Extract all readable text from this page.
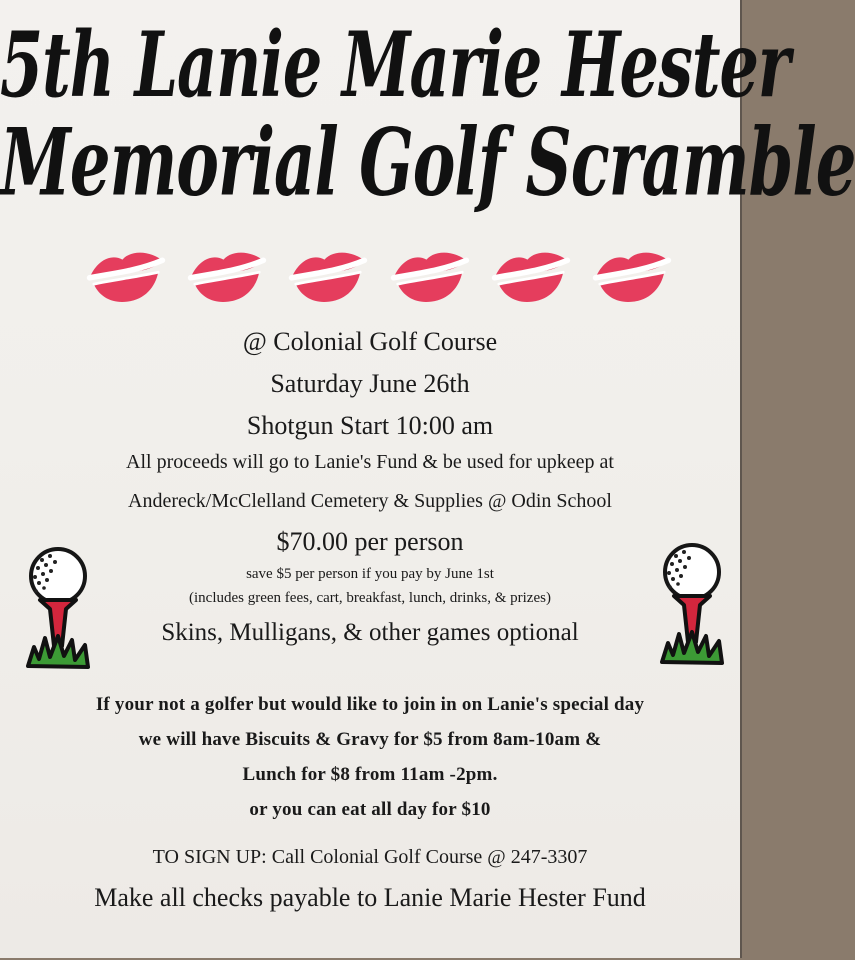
5th Lanie Marie Hester
Memorial Golf Scramble
@ Colonial Golf Course
Saturday June 26th
Shotgun Start 10:00 am
All proceeds will go to Lanie's Fund & be used for upkeep at
Andereck/McClelland Cemetery & Supplies @ Odin School
$70.00 per person
save $5 per person if you pay by June 1st
(includes green fees, cart, breakfast, lunch, drinks, & prizes)
Skins, Mulligans, & other games optional
If your not a golfer but would like to join in on Lanie's special day
we will have Biscuits & Gravy for $5 from 8am-10am &
Lunch for $8 from 11am -2pm.
or you can eat all day for $10
TO SIGN UP: Call Colonial Golf Course @ 247-3307
Make all checks payable to Lanie Marie Hester Fund
